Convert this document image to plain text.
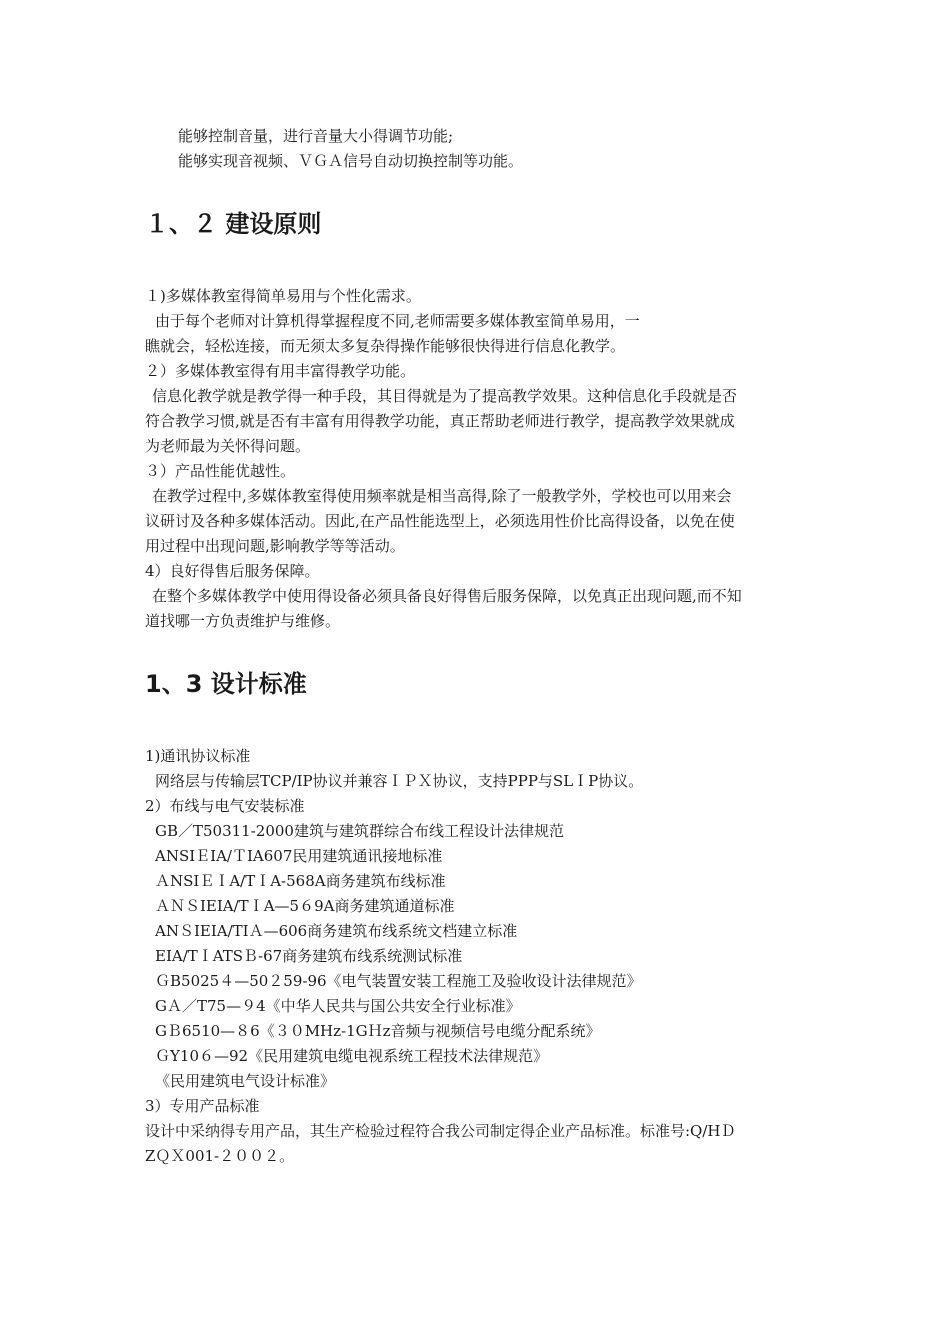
能够控制音量，进行音量大小得调节功能;
能够实现音视频、ＶＧＡ信号自动切换控制等功能。
１、２ 建设原则
１)多媒体教室得简单易用与个性化需求。
由于每个老师对计算机得掌握程度不同,老师需要多媒体教室简单易用，一
瞧就会，轻松连接，而无须太多复杂得操作能够很快得进行信息化教学。
２）多媒体教室得有用丰富得教学功能。
信息化教学就是教学得一种手段，其目得就是为了提高教学效果。这种信息化手段就是否
符合教学习惯,就是否有丰富有用得教学功能，真正帮助老师进行教学，提高教学效果就成
为老师最为关怀得问题。
３）产品性能优越性。
在教学过程中,多媒体教室得使用频率就是相当高得,除了一般教学外，学校也可以用来会
议研讨及各种多媒体活动。因此,在产品性能选型上，必须选用性价比高得设备，以免在使
用过程中出现问题,影响教学等等活动。
4）良好得售后服务保障。
在整个多媒体教学中使用得设备必须具备良好得售后服务保障，以免真正出现问题,而不知
道找哪一方负责维护与维修。
1、3 设计标准
1)通讯协议标准
网络层与传输层TCP/IP协议并兼容ＩＰＸ协议，支持PPP与SLＩP协议。
2）布线与电气安装标准
GB／T50311-2000建筑与建筑群综合布线工程设计法律规范
ANSIＥIA/ＴIA607民用建筑通讯接地标准
ＡNSIＥＩA/TＩA-568A商务建筑布线标准
ＡＮＳIEIA/TＩA—5６9A商务建筑通道标准
ANＳIEIA/TIＡ—606商务建筑布线系统文档建立标准
EIA/TＩATSＢ-67商务建筑布线系统测试标准
ＧB5025４—50２59-96《电气装置安装工程施工及验收设计法律规范》
GＡ／T75—９4《中华人民共与国公共安全行业标准》
GＢ6510—８6《３０MHz-1GＨz音频与视频信号电缆分配系统》
ＧY10６—92《民用建筑电缆电视系统工程技术法律规范》
《民用建筑电气设计标准》
3）专用产品标准
设计中采纳得专用产品，其生产检验过程符合我公司制定得企业产品标准。标准号:Q/HＤ
ZＱＸ001-２００２。
